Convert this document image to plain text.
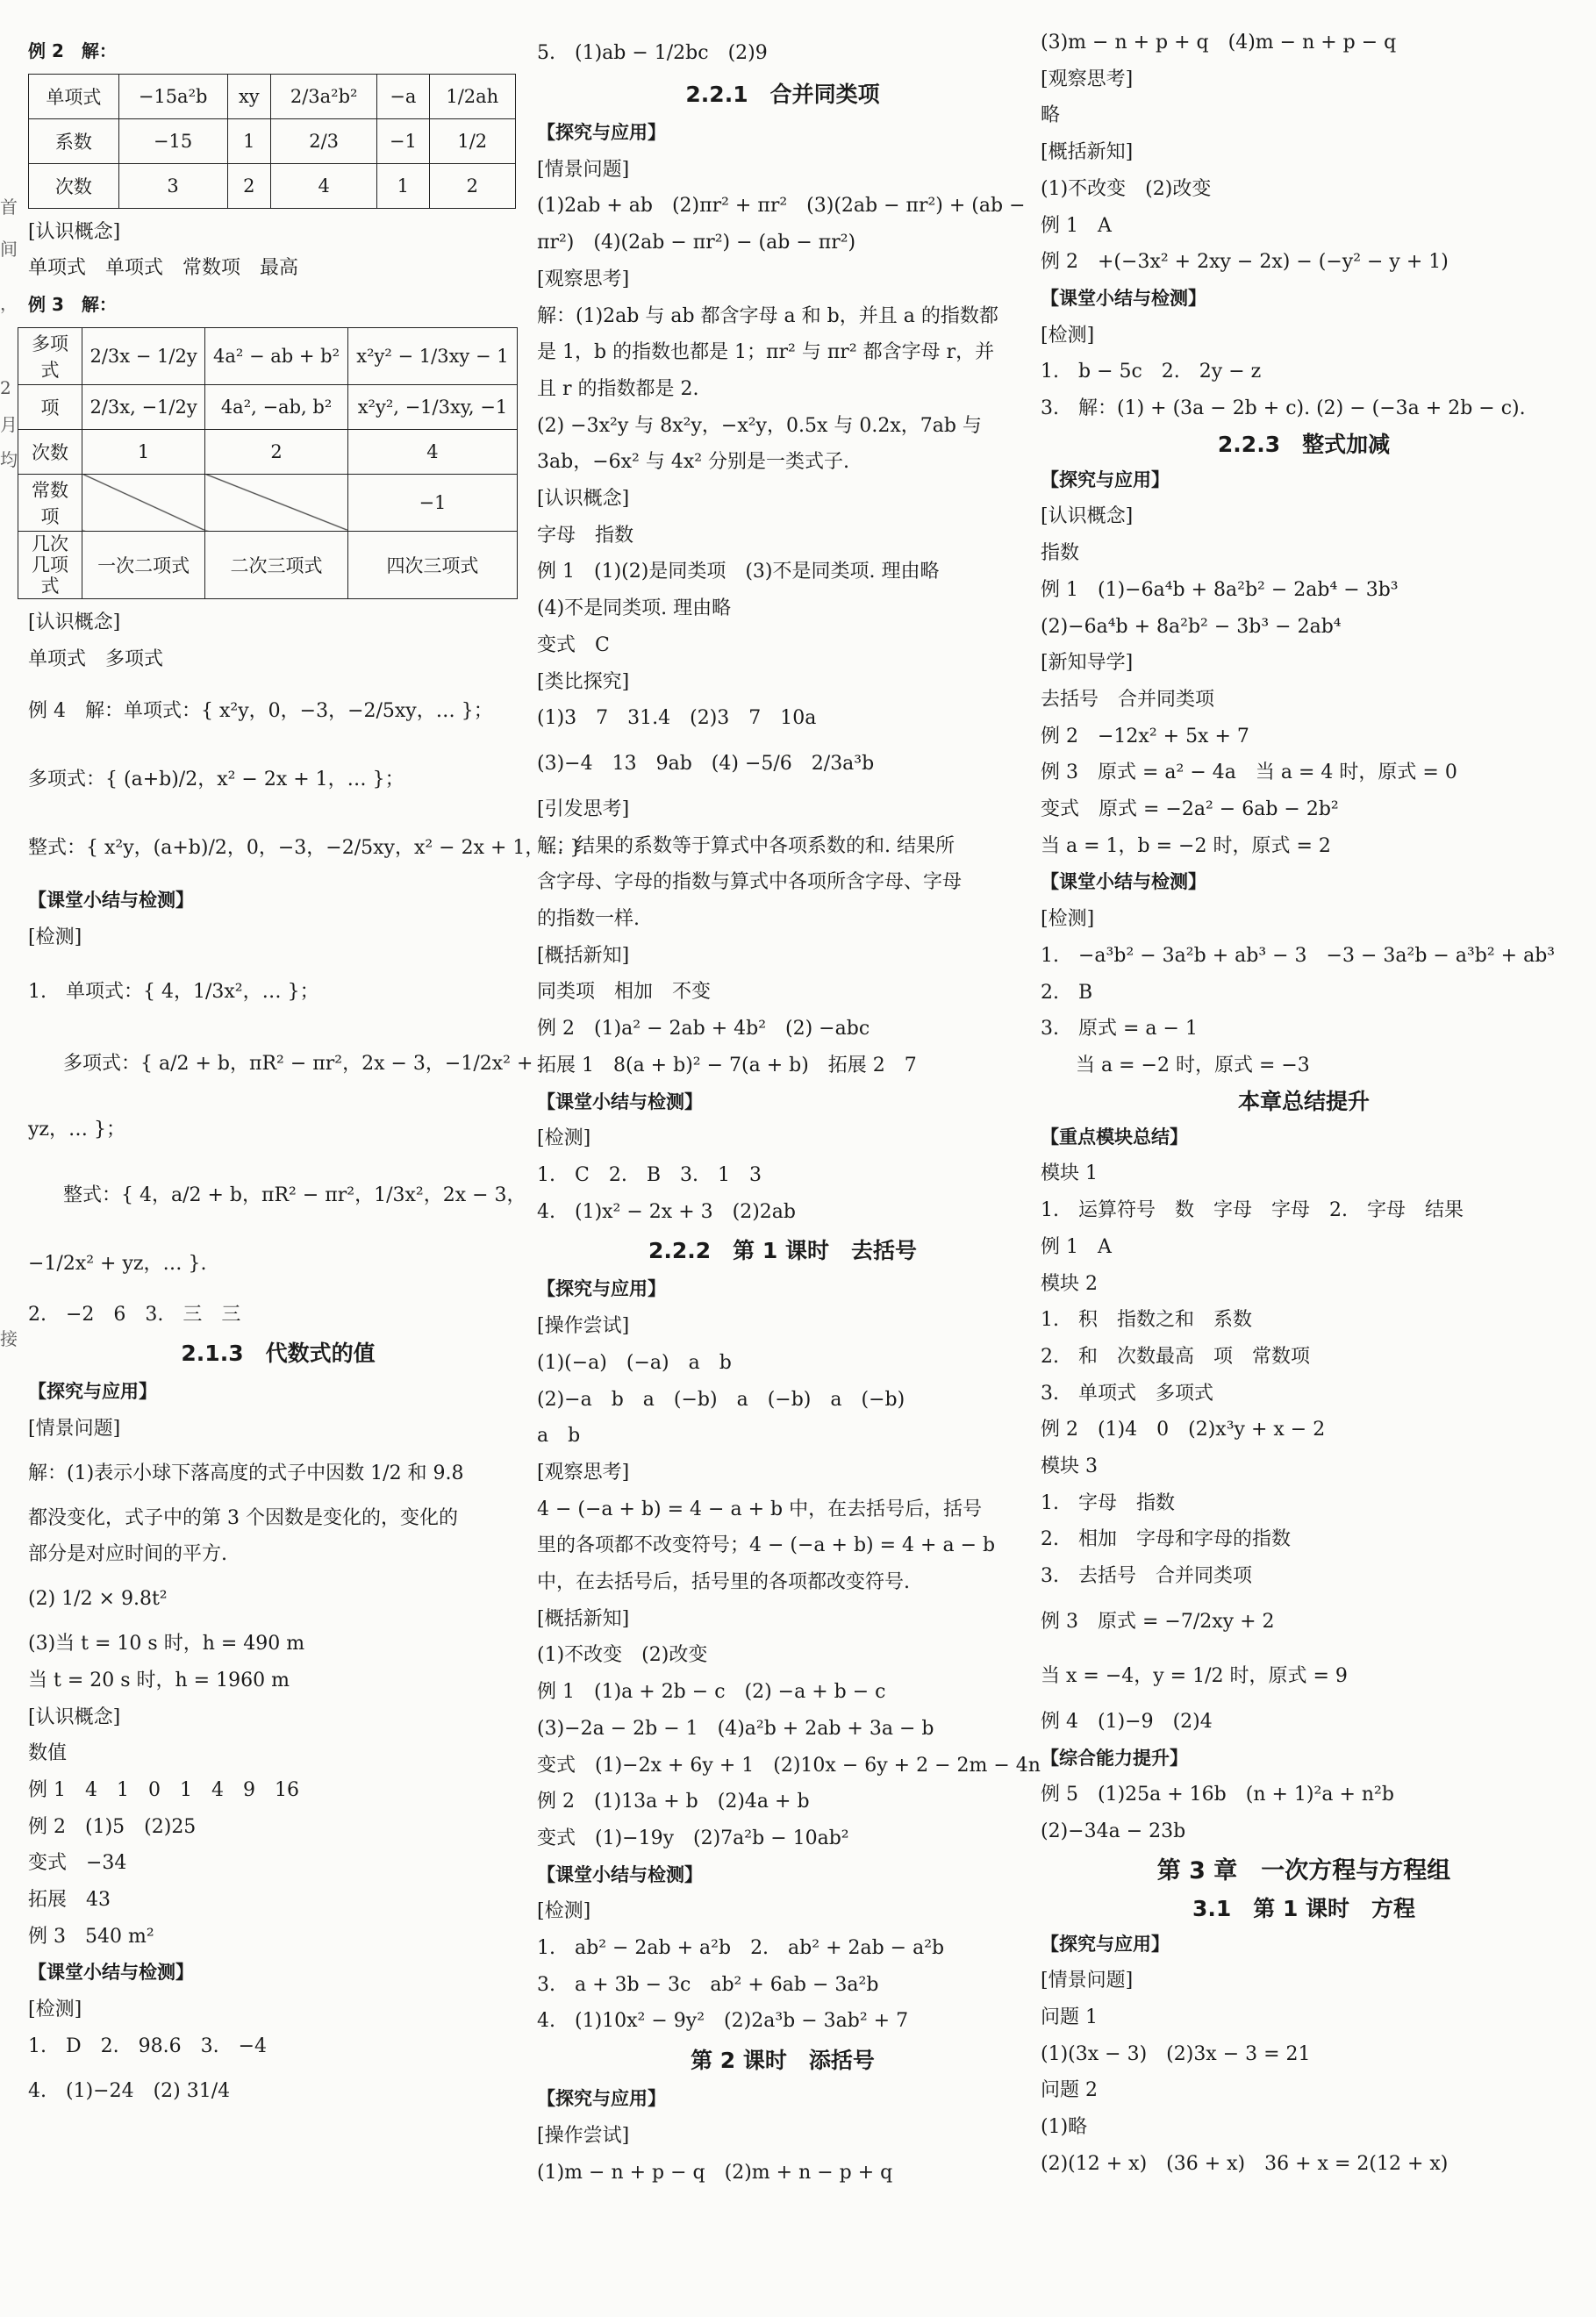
首
间
，
2
月
均
接
例 2　解：
单项式	−15a²b	xy	2/3a²b²	−a	1/2ah
系数	−15	1	2/3	−1	1/2
次数	3	2	4	1	2
[认识概念]
单项式　单项式　常数项　最高
例 3　解：
多项式	2/3x − 1/2y	4a² − ab + b²	x²y² − 1/3xy − 1
项	2/3x, −1/2y	4a², −ab, b²	x²y², −1/3xy, −1
次数	1	2	4
常数项			−1
几次几项式	一次二项式	二次三项式	四次三项式
[认识概念]
单项式　多项式
例 4　解：单项式：{ x²y，0，−3，−2/5xy，… }；
多项式：{ (a+b)/2，x² − 2x + 1，… }；
整式：{ x²y，(a+b)/2，0，−3，−2/5xy，x² − 2x + 1，… }.
【课堂小结与检测】
[检测]
1.　单项式：{ 4，1/3x²，… }；
多项式：{ a/2 + b，πR² − πr²，2x − 3，−1/2x² +
yz，… }；
整式：{ 4，a/2 + b，πR² − πr²，1/3x²，2x − 3，
−1/2x² + yz，… }.
2.　−2　6　3.　三　三
2.1.3　代数式的值
【探究与应用】
[情景问题]
解：(1)表示小球下落高度的式子中因数 1/2 和 9.8
都没变化，式子中的第 3 个因数是变化的，变化的
部分是对应时间的平方.
(2) 1/2 × 9.8t²
(3)当 t = 10 s 时，h = 490 m
当 t = 20 s 时，h = 1960 m
[认识概念]
数值
例 1　4　1　0　1　4　9　16
例 2　(1)5　(2)25
变式　−34
拓展　43
例 3　540 m²
【课堂小结与检测】
[检测]
1.　D　2.　98.6　3.　−4
4.　(1)−24　(2) 31/4
5.　(1)ab − 1/2bc　(2)9
2.2.1　合并同类项
【探究与应用】
[情景问题]
(1)2ab + ab　(2)πr² + πr²　(3)(2ab − πr²) + (ab −
πr²)　(4)(2ab − πr²) − (ab − πr²)
[观察思考]
解：(1)2ab 与 ab 都含字母 a 和 b，并且 a 的指数都
是 1，b 的指数也都是 1；πr² 与 πr² 都含字母 r，并
且 r 的指数都是 2.
(2) −3x²y 与 8x²y，−x²y，0.5x 与 0.2x，7ab 与
3ab，−6x² 与 4x² 分别是一类式子.
[认识概念]
字母　指数
例 1　(1)(2)是同类项　(3)不是同类项. 理由略
(4)不是同类项. 理由略
变式　C
[类比探究]
(1)3　7　31.4　(2)3　7　10a
(3)−4　13　9ab　(4) −5/6　2/3a³b
[引发思考]
解：结果的系数等于算式中各项系数的和. 结果所
含字母、字母的指数与算式中各项所含字母、字母
的指数一样.
[概括新知]
同类项　相加　不变
例 2　(1)a² − 2ab + 4b²　(2) −abc
拓展 1　8(a + b)² − 7(a + b)　拓展 2　7
【课堂小结与检测】
[检测]
1.　C　2.　B　3.　1　3
4.　(1)x² − 2x + 3　(2)2ab
2.2.2　第 1 课时　去括号
【探究与应用】
[操作尝试]
(1)(−a)　(−a)　a　b
(2)−a　b　a　(−b)　a　(−b)　a　(−b)
a　b
[观察思考]
4 − (−a + b) = 4 − a + b 中，在去括号后，括号
里的各项都不改变符号；4 − (−a + b) = 4 + a − b
中，在去括号后，括号里的各项都改变符号.
[概括新知]
(1)不改变　(2)改变
例 1　(1)a + 2b − c　(2) −a + b − c
(3)−2a − 2b − 1　(4)a²b + 2ab + 3a − b
变式　(1)−2x + 6y + 1　(2)10x − 6y + 2 − 2m − 4n
例 2　(1)13a + b　(2)4a + b
变式　(1)−19y　(2)7a²b − 10ab²
【课堂小结与检测】
[检测]
1.　ab² − 2ab + a²b　2.　ab² + 2ab − a²b
3.　a + 3b − 3c　ab² + 6ab − 3a²b
4.　(1)10x² − 9y²　(2)2a³b − 3ab² + 7
第 2 课时　添括号
【探究与应用】
[操作尝试]
(1)m − n + p − q　(2)m + n − p + q
(3)m − n + p + q　(4)m − n + p − q
[观察思考]
略
[概括新知]
(1)不改变　(2)改变
例 1　A
例 2　+(−3x² + 2xy − 2x) − (−y² − y + 1)
【课堂小结与检测】
[检测]
1.　b − 5c　2.　2y − z
3.　解：(1) + (3a − 2b + c). (2) − (−3a + 2b − c).
2.2.3　整式加减
【探究与应用】
[认识概念]
指数
例 1　(1)−6a⁴b + 8a²b² − 2ab⁴ − 3b³
(2)−6a⁴b + 8a²b² − 3b³ − 2ab⁴
[新知导学]
去括号　合并同类项
例 2　−12x² + 5x + 7
例 3　原式 = a² − 4a　当 a = 4 时，原式 = 0
变式　原式 = −2a² − 6ab − 2b²
当 a = 1，b = −2 时，原式 = 2
【课堂小结与检测】
[检测]
1.　−a³b² − 3a²b + ab³ − 3　−3 − 3a²b − a³b² + ab³
2.　B
3.　原式 = a − 1
当 a = −2 时，原式 = −3
本章总结提升
【重点模块总结】
模块 1
1.　运算符号　数　字母　字母　2.　字母　结果
例 1　A
模块 2
1.　积　指数之和　系数
2.　和　次数最高　项　常数项
3.　单项式　多项式
例 2　(1)4　0　(2)x³y + x − 2
模块 3
1.　字母　指数
2.　相加　字母和字母的指数
3.　去括号　合并同类项
例 3　原式 = −7/2xy + 2
当 x = −4，y = 1/2 时，原式 = 9
例 4　(1)−9　(2)4
【综合能力提升】
例 5　(1)25a + 16b　(n + 1)²a + n²b
(2)−34a − 23b
第 3 章　一次方程与方程组
3.1　第 1 课时　方程
【探究与应用】
[情景问题]
问题 1
(1)(3x − 3)　(2)3x − 3 = 21
问题 2
(1)略
(2)(12 + x)　(36 + x)　36 + x = 2(12 + x)
